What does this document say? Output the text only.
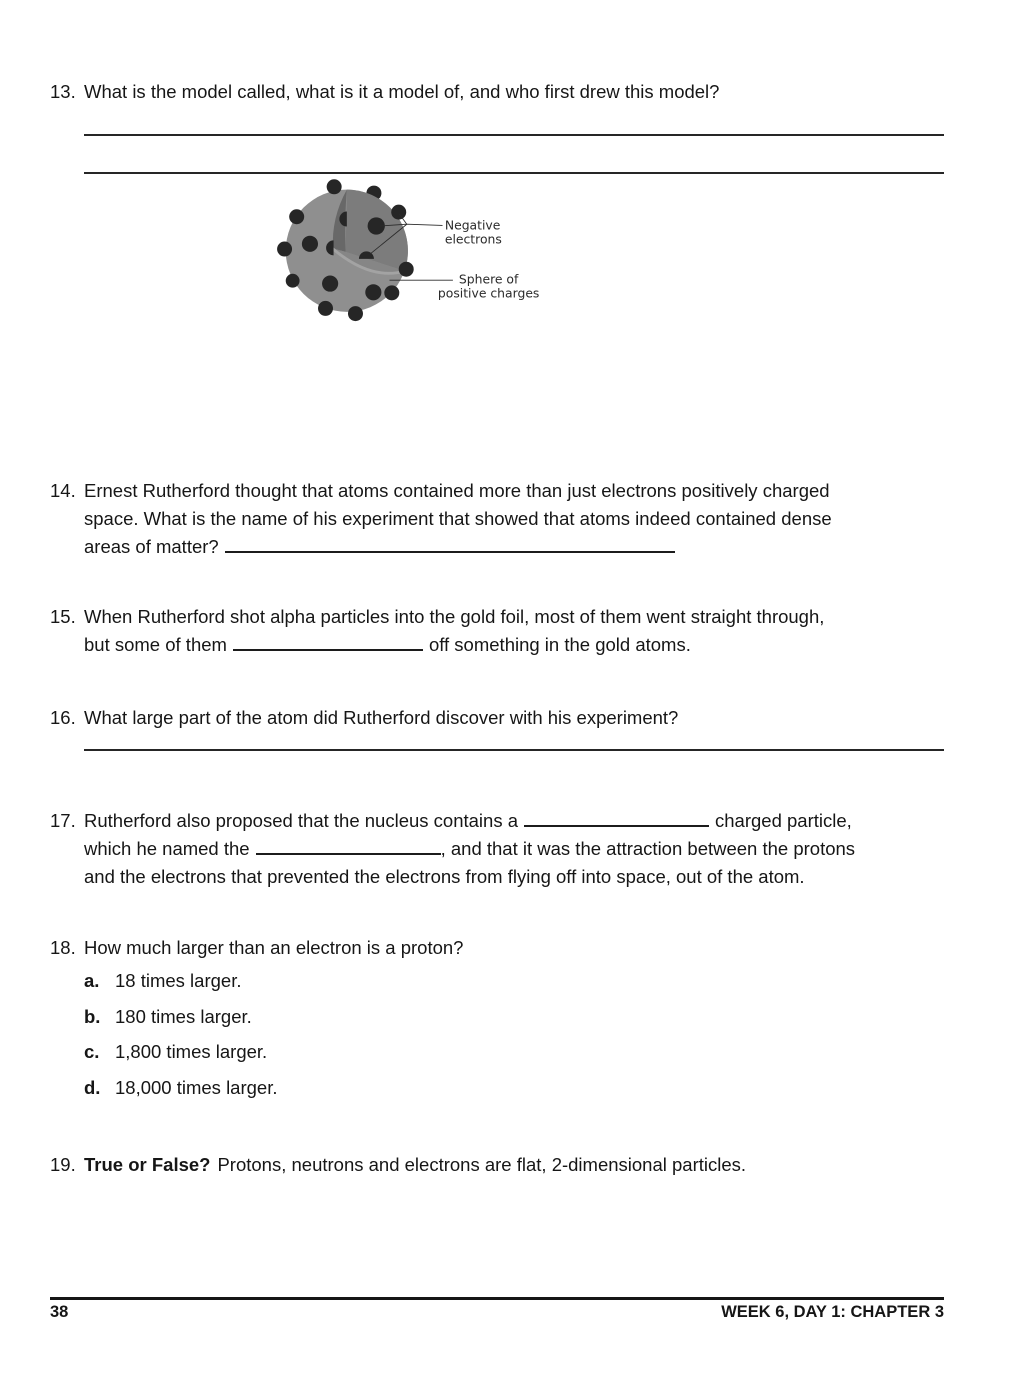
13. What is the model called, what is it a model of, and who first drew this model?
Negative
electrons
Sphere of
positive charges
14. Ernest Rutherford thought that atoms contained more than just electrons positively charged
space. What is the name of his experiment that showed that atoms indeed contained dense
areas of matter?
15. When Rutherford shot alpha particles into the gold foil, most of them went straight through,
but some of them	off something in the gold atoms.
16. What large part of the atom did Rutherford discover with his experiment?
17. Rutherford also proposed that the nucleus contains a	charged particle,
which he named the	, and that it was the attraction between the protons
and the electrons that prevented the electrons from flying off into space, out of the atom.
18. How much larger than an electron is a proton?
a. 18 times larger.
b. 180 times larger.
c. 1,800 times larger.
d. 18,000 times larger.
19. True or False? Protons, neutrons and electrons are flat, 2-dimensional particles.
38	WEEK 6, DAY 1: CHAPTER 3
